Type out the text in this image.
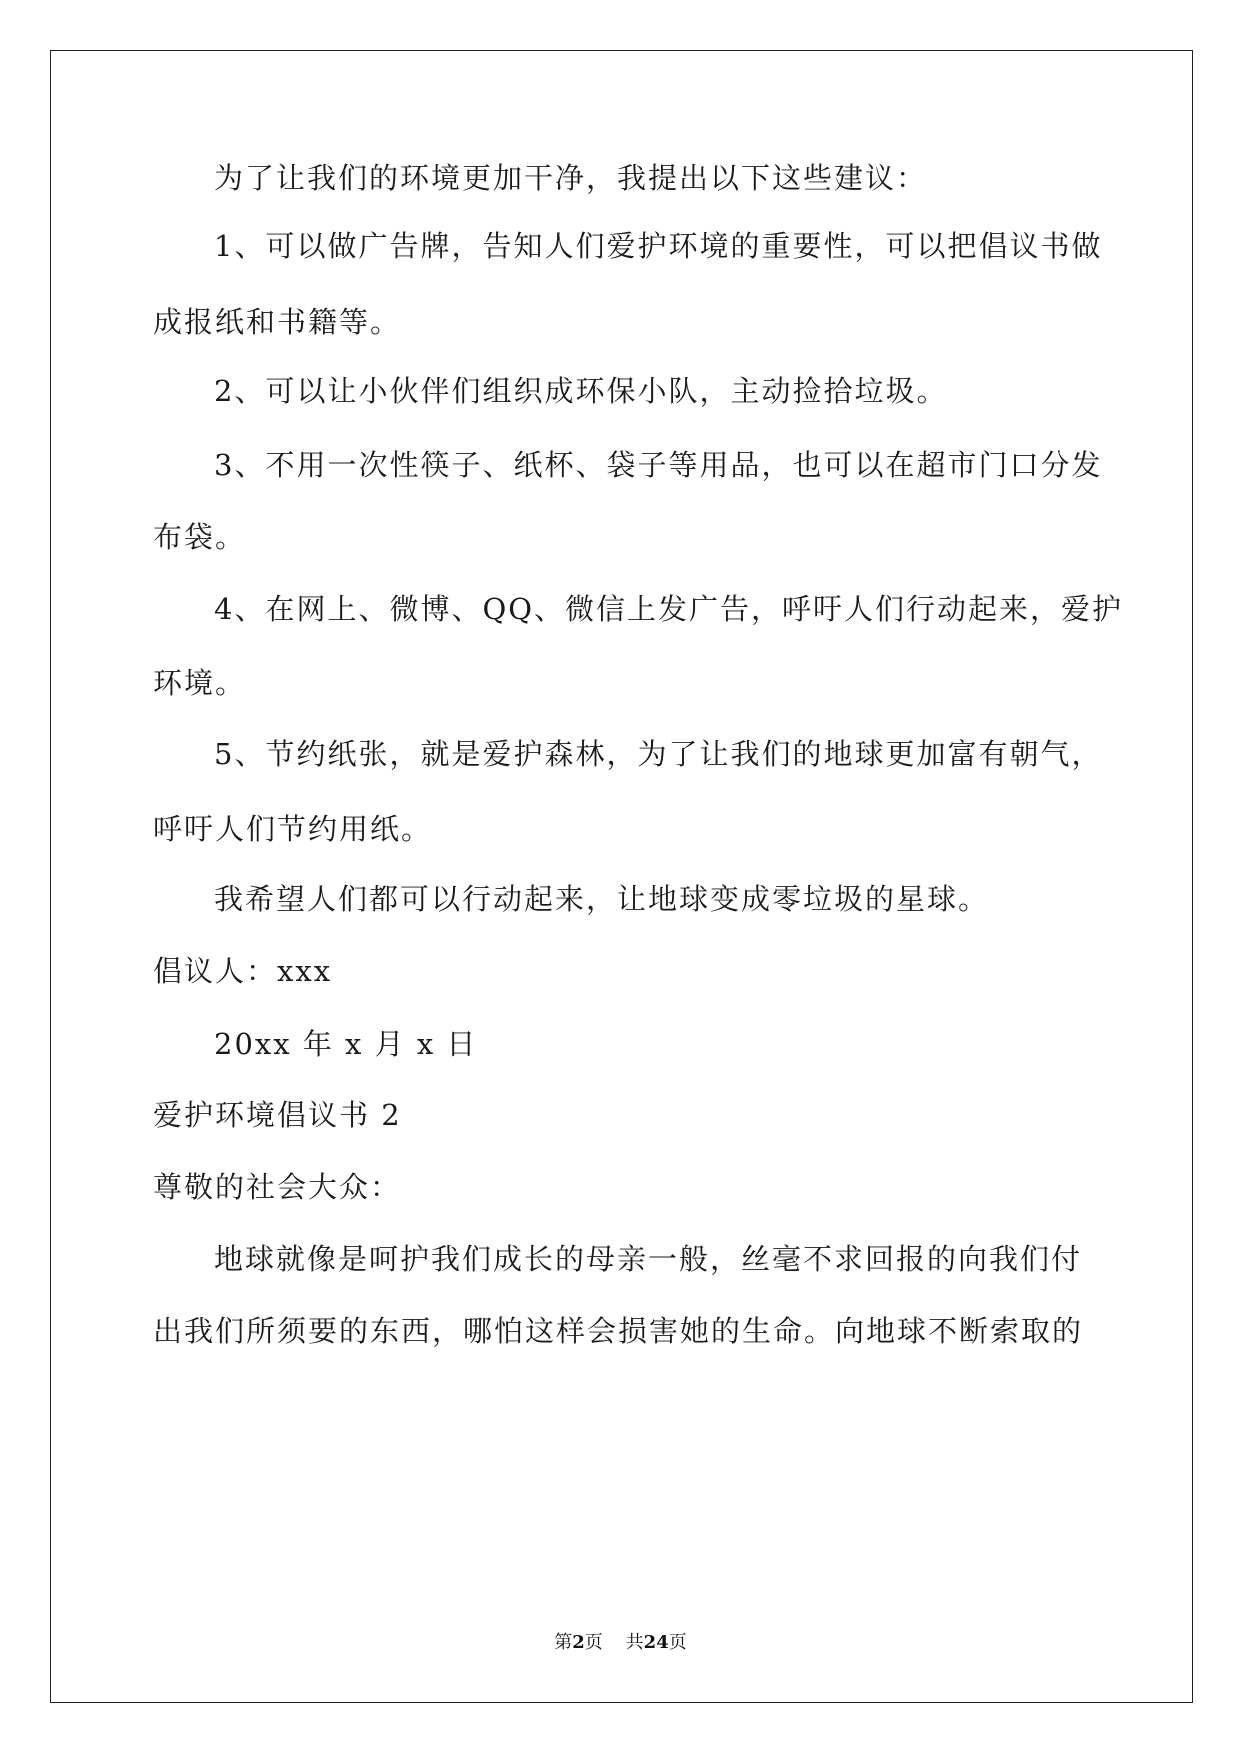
为了让我们的环境更加干净，我提出以下这些建议：
1、可以做广告牌，告知人们爱护环境的重要性，可以把倡议书做
成报纸和书籍等。
2、可以让小伙伴们组织成环保小队，主动捡拾垃圾。
3、不用一次性筷子、纸杯、袋子等用品，也可以在超市门口分发
布袋。
4、在网上、微博、QQ、微信上发广告，呼吁人们行动起来，爱护
环境。
5、节约纸张，就是爱护森林，为了让我们的地球更加富有朝气，
呼吁人们节约用纸。
我希望人们都可以行动起来，让地球变成零垃圾的星球。
倡议人：xxx
20xx 年 x 月 x 日
爱护环境倡议书 2
尊敬的社会大众：
地球就像是呵护我们成长的母亲一般，丝毫不求回报的向我们付
出我们所须要的东西，哪怕这样会损害她的生命。向地球不断索取的
第2页 共24页
